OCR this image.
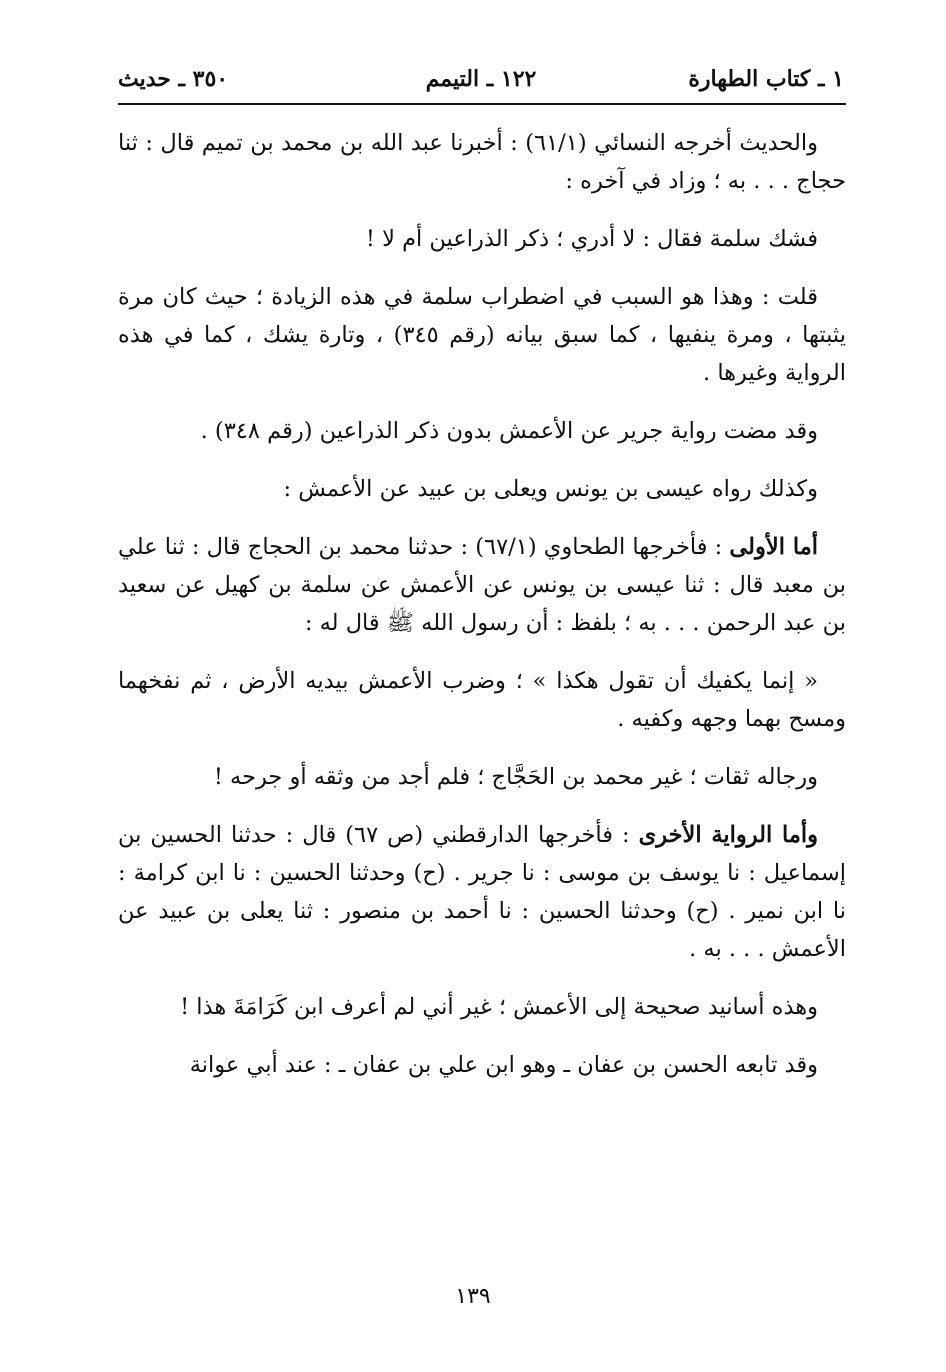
١ ـ كتاب الطهارة
١٢٢ ـ التيمم
٣٥٠ ـ حديث

والحديث أخرجه النسائي (٦١/١) : أخبرنا عبد الله بن محمد بن تميم قال : ثنا حجاج . . . به ؛ وزاد في آخره :

فشك سلمة فقال : لا أدري ؛ ذكر الذراعين أم لا !

قلت : وهذا هو السبب في اضطراب سلمة في هذه الزيادة ؛ حيث كان مرة يثبتها ، ومرة ينفيها ، كما سبق بيانه (رقم ٣٤٥) ، وتارة يشك ، كما في هذه الرواية وغيرها .

وقد مضت رواية جرير عن الأعمش بدون ذكر الذراعين (رقم ٣٤٨) .

وكذلك رواه عيسى بن يونس ويعلى بن عبيد عن الأعمش :

أما الأولى : فأخرجها الطحاوي (٦٧/١) : حدثنا محمد بن الحجاج قال : ثنا علي بن معبد قال : ثنا عيسى بن يونس عن الأعمش عن سلمة بن كهيل عن سعيد بن عبد الرحمن . . . به ؛ بلفظ : أن رسول الله ﷺ قال له :

« إنما يكفيك أن تقول هكذا » ؛ وضرب الأعمش بيديه الأرض ، ثم نفخهما ومسح بهما وجهه وكفيه .

ورجاله ثقات ؛ غير محمد بن الحَجَّاج ؛ فلم أجد من وثقه أو جرحه !

وأما الرواية الأخرى : فأخرجها الدارقطني (ص ٦٧) قال : حدثنا الحسين بن إسماعيل : نا يوسف بن موسى : نا جرير . (ح) وحدثنا الحسين : نا ابن كرامة : نا ابن نمير . (ح) وحدثنا الحسين : نا أحمد بن منصور : ثنا يعلى بن عبيد عن الأعمش . . . به .

وهذه أسانيد صحيحة إلى الأعمش ؛ غير أني لم أعرف ابن كَرَامَةَ هذا !

وقد تابعه الحسن بن عفان ـ وهو ابن علي بن عفان ـ : عند أبي عوانة

١٣٩
